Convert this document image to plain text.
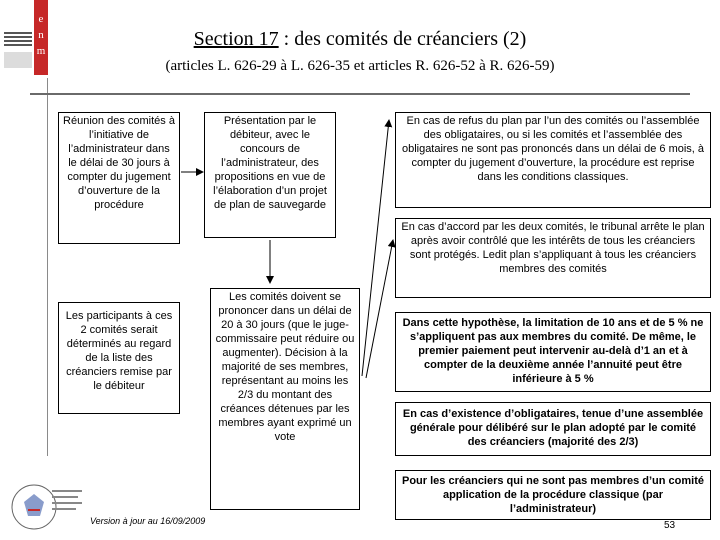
e
n
m
Section 17 : des comités de créanciers (2)
(articles L. 626-29 à L. 626-35 et articles R. 626-52 à R. 626-59)
Réunion des comités à l’initiative de l’administrateur dans le délai de 30 jours à compter du jugement d’ouverture de la procédure
Les participants à ces 2 comités serait déterminés au regard de la liste des créanciers remise par le débiteur
Présentation par le débiteur, avec le concours de l’administrateur, des propositions en vue de l’élaboration d’un projet de plan de sauvegarde
Les comités doivent se prononcer dans un délai de 20 à 30 jours (que le juge-commissaire peut réduire ou augmenter). Décision à la majorité de ses membres, représentant au moins les 2/3 du montant des créances détenues par les membres ayant exprimé un vote
En cas de refus du plan par l’un des comités ou l’assemblée des obligataires, ou si les comités et l’assemblée des obligataires ne sont pas prononcés dans un délai de 6 mois, à compter du jugement d’ouverture, la procédure est reprise dans les conditions classiques.
En cas d’accord par les deux comités, le tribunal arrête le plan après avoir contrôlé que les intérêts de tous les créanciers sont protégés. Ledit plan s’appliquant à tous les créanciers membres des comités
Dans cette hypothèse, la limitation de 10 ans et de 5 % ne s’appliquent pas aux membres du comité. De même, le premier paiement peut intervenir au-delà d’1 an et à compter de la deuxième année l’annuité peut être inférieure à 5 %
En cas d’existence d’obligataires, tenue d’une assemblée générale pour délibéré sur le plan adopté par le comité des créanciers (majorité des 2/3)
Pour les créanciers qui ne sont pas membres d’un comité application de la procédure classique (par l’administrateur)
Version à jour au 16/09/2009	53
